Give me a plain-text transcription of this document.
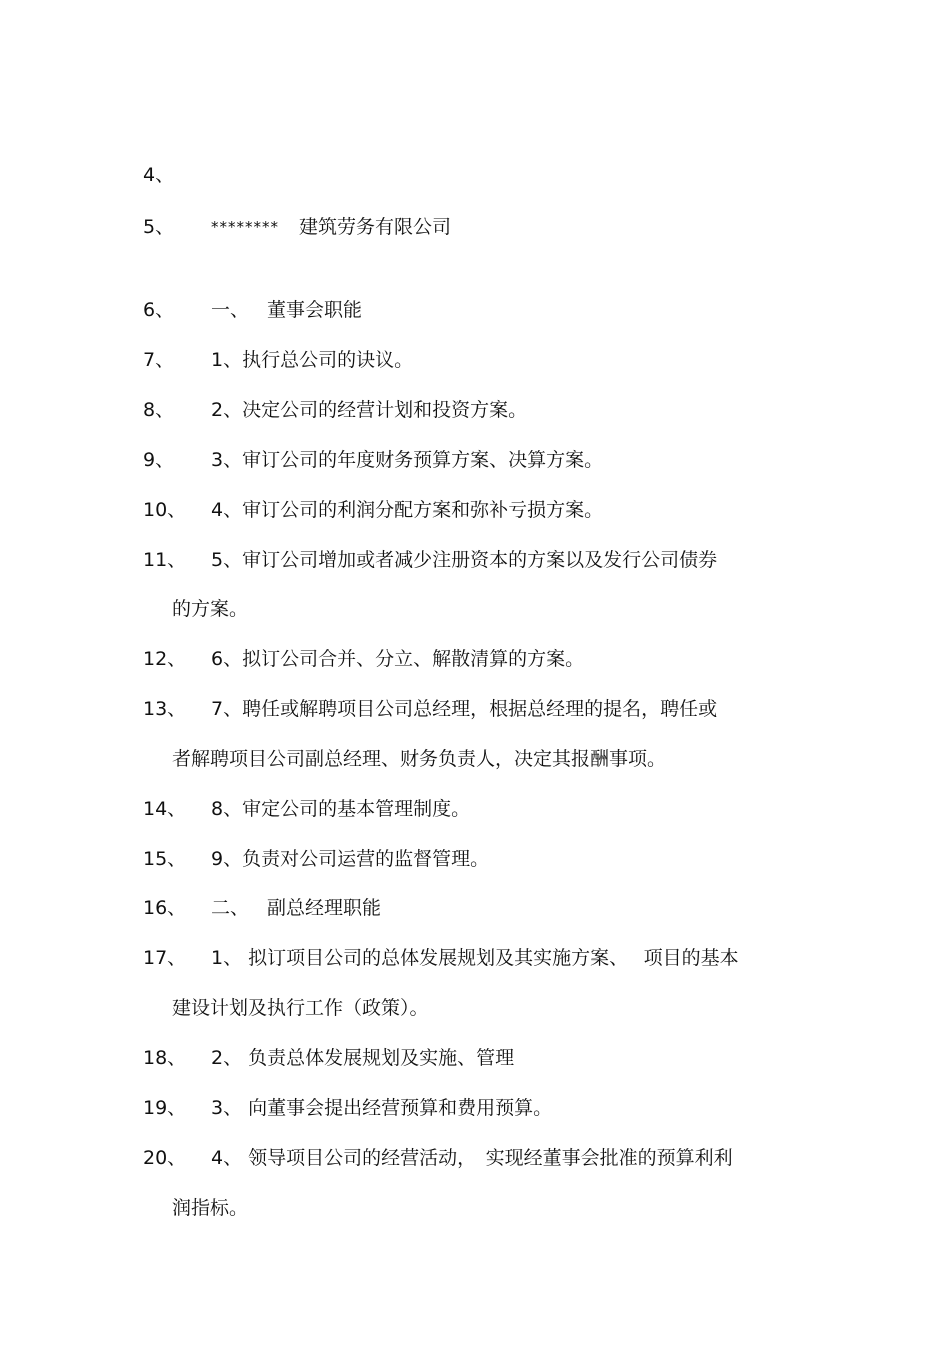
4、
5、 ******** 建筑劳务有限公司
6、 一、 董事会职能
7、 1、执行总公司的诀议。
8、 2、决定公司的经营计划和投资方案。
9、 3、审订公司的年度财务预算方案、决算方案。
10、 4、审订公司的利润分配方案和弥补亏损方案。
11、 5、审订公司增加或者减少注册资本的方案以及发行公司债券
的方案。
12、 6、拟订公司合并、分立、解散清算的方案。
13、 7、聘任或解聘项目公司总经理，根据总经理的提名，聘任或
者解聘项目公司副总经理、财务负责人，决定其报酬事项。
14、 8、审定公司的基本管理制度。
15、 9、负责对公司运营的监督管理。
16、 二、 副总经理职能
17、 1、 拟订项目公司的总体发展规划及其实施方案、　 项目的基本
建设计划及执行工作（政策）。
18、 2、 负责总体发展规划及实施、管理
19、 3、 向董事会提出经营预算和费用预算。
20、 4、 领导项目公司的经营活动，　实现经董事会批准的预算利利
润指标。
